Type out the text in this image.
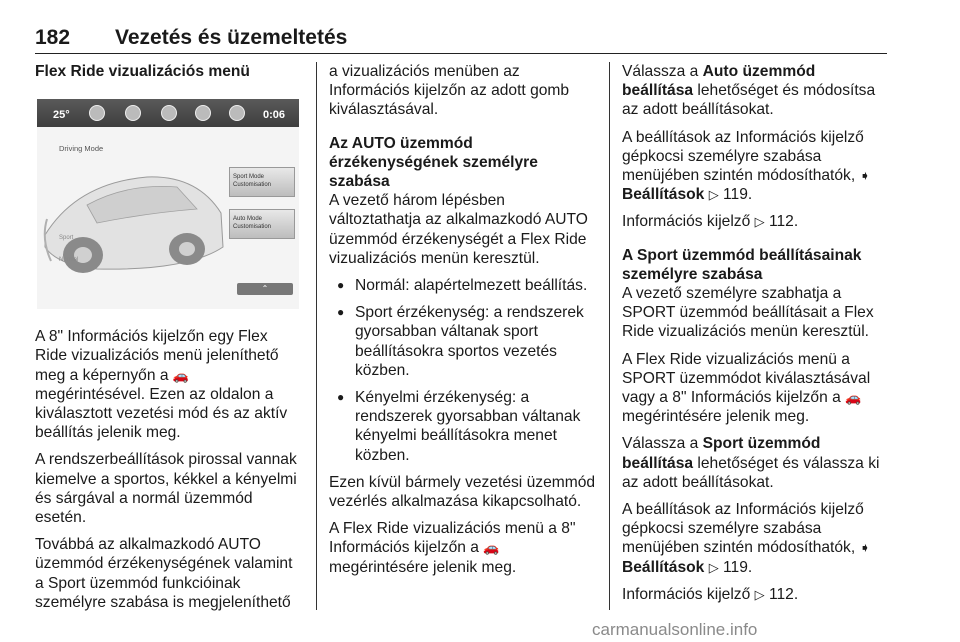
182 Vezetés és üzemeltetés
Flex Ride vizualizációs menü
25°	0:06
Driving Mode
Sport Mode Customisation
Auto Mode Customisation
Sport
Normal
⌃

A 8" Információs kijelzőn egy Flex Ride vizualizációs menü jeleníthető meg a képernyőn a 🚗 megérintésével. Ezen az oldalon a kiválasztott vezetési mód és az aktív beállítás jelenik meg.

A rendszerbeállítások pirossal vannak kiemelve a sportos, kékkel a kényelmi és sárgával a normál üzemmód esetén.

Továbbá az alkalmazkodó AUTO üzemmód érzékenységének valamint a Sport üzemmód funkcióinak személyre szabása is megjeleníthető

a vizualizációs menüben az Információs kijelzőn az adott gomb kiválasztásával.

Az AUTO üzemmód érzékenységének személyre szabása

A vezető három lépésben változtathatja az alkalmazkodó AUTO üzemmód érzékenységét a Flex Ride vizualizációs menün keresztül.

● Normál: alapértelmezett beállítás.
● Sport érzékenység: a rendszerek gyorsabban váltanak sport beállításokra sportos vezetés közben.
● Kényelmi érzékenység: a rendszerek gyorsabban váltanak kényelmi beállításokra menet közben.

Ezen kívül bármely vezetési üzemmód vezérlés alkalmazása kikapcsolható.

A Flex Ride vizualizációs menü a 8" Információs kijelzőn a 🚗 megérintésére jelenik meg.

Válassza a Auto üzemmód beállítása lehetőséget és módosítsa az adott beállításokat.

A beállítások az Információs kijelző gépkocsi személyre szabása menüjében szintén módosíthatók, ➧ Beállítások ▷ 119.

Információs kijelző ▷ 112.

A Sport üzemmód beállításainak személyre szabása

A vezető személyre szabhatja a SPORT üzemmód beállításait a Flex Ride vizualizációs menün keresztül.

A Flex Ride vizualizációs menü a SPORT üzemmódot kiválasztásával vagy a 8" Információs kijelzőn a 🚗 megérintésére jelenik meg.

Válassza a Sport üzemmód beállítása lehetőséget és válassza ki az adott beállításokat.

A beállítások az Információs kijelző gépkocsi személyre szabása menüjében szintén módosíthatók, ➧ Beállítások ▷ 119.

Információs kijelző ▷ 112.

carmanualsonline.info
